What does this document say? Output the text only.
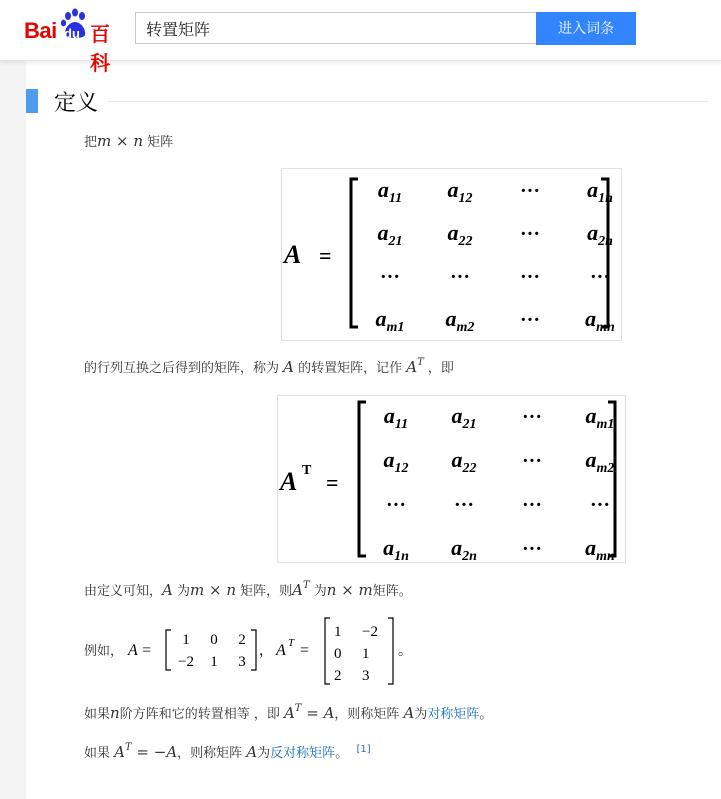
Bai du 百科
转置矩阵
进入词条
定义
把m × n 矩阵
A =
$a_{11}$ $a_{12}$ ··· $a_{1n}$
$a_{21}$ $a_{22}$ ··· $a_{2n}$
··· ··· ··· ···
$a_{m1}$ $a_{m2}$ ··· $a_{mn}$
的行列互换之后得到的矩阵，称为 A 的转置矩阵，记作 $A^T$ ，即
A T =
$a_{11}$ $a_{21}$ ··· $a_{m1}$
$a_{12}$ $a_{22}$ ··· $a_{m2}$
··· ··· ··· ···
$a_{1n}$ $a_{2n}$ ··· $a_{mn}$
由定义可知，A 为m × n 矩阵，则$A^T$ 为n × m矩阵。
例如， A =
1 0 2
−2 1 3
， A T =
1 −2
0 1
2 3
。
如果n阶方阵和它的转置相等 ，即 $A^T = A$，则称矩阵 A为对称矩阵。
如果 $A^T = -A$，则称矩阵 A为反对称矩阵。 [1]
